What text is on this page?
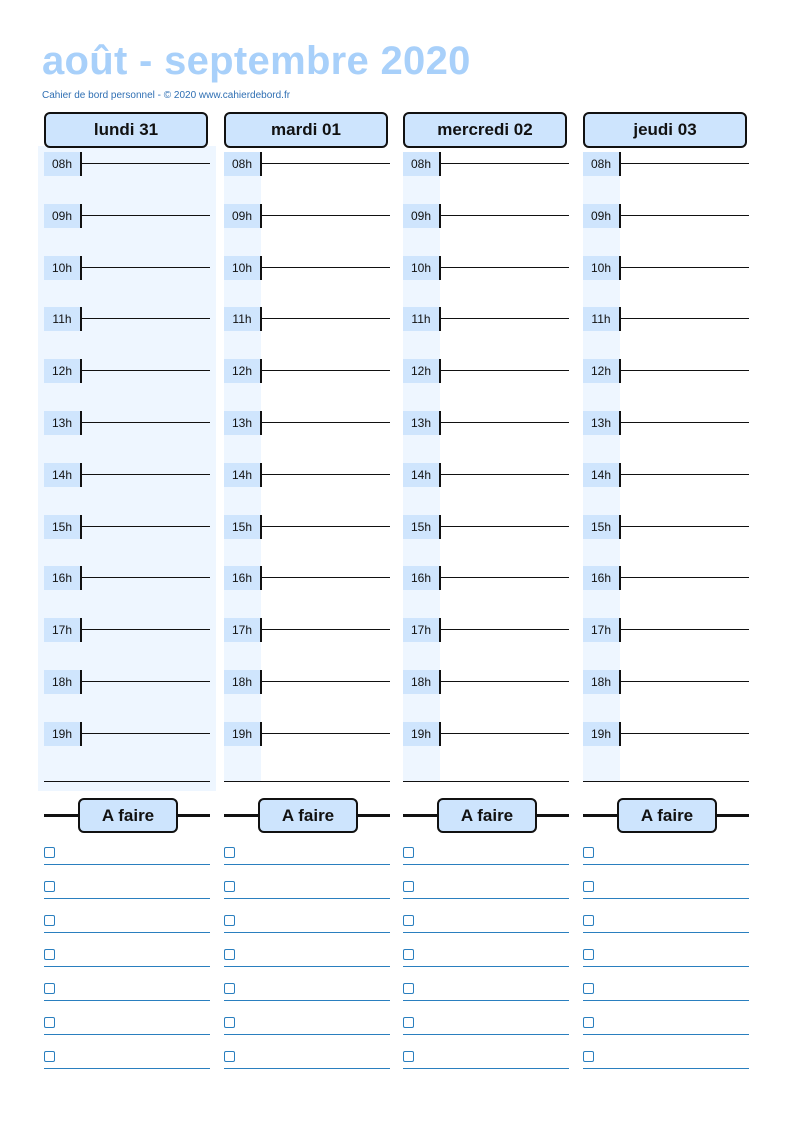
août - septembre 2020
Cahier de bord personnel - © 2020 www.cahierdebord.fr
lundi 31
08h
09h
10h
11h
12h
13h
14h
15h
16h
17h
18h
19h
A faire
mardi 01
08h
09h
10h
11h
12h
13h
14h
15h
16h
17h
18h
19h
A faire
mercredi 02
08h
09h
10h
11h
12h
13h
14h
15h
16h
17h
18h
19h
A faire
jeudi 03
08h
09h
10h
11h
12h
13h
14h
15h
16h
17h
18h
19h
A faire
